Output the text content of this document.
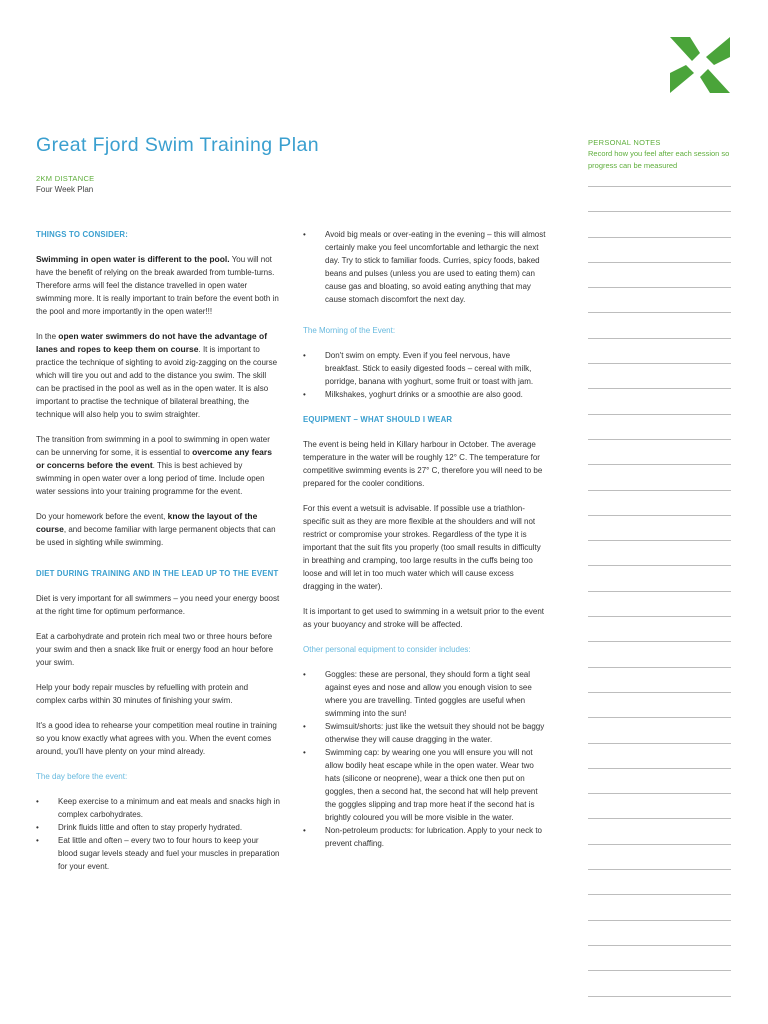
Great Fjord Swim Training Plan
2KM DISTANCE
Four Week Plan
THINGS TO CONSIDER:

Swimming in open water is different to the pool. You will not have the benefit of relying on the break awarded from tumble-turns. Therefore arms will feel the distance travelled in open water swimming more. It is really important to train before the event both in the pool and more importantly in the open water!!!

In the open water swimmers do not have the advantage of lanes and ropes to keep them on course. It is important to practice the technique of sighting to avoid zig-zagging on the course which will tire you out and add to the distance you swim. The skill can be practised in the pool as well as in the open water. It is also important to practise the technique of bilateral breathing, the technique will also help you to swim straighter.

The transition from swimming in a pool to swimming in open water can be unnerving for some, it is essential to overcome any fears or concerns before the event. This is best achieved by swimming in open water over a long period of time. Include open water sessions into your training programme for the event.

Do your homework before the event, know the layout of the course, and become familiar with large permanent objects that can be used in sighting while swimming.

DIET DURING TRAINING AND IN THE LEAD UP TO THE EVENT

Diet is very important for all swimmers – you need your energy boost at the right time for optimum performance.

Eat a carbohydrate and protein rich meal two or three hours before your swim and then a snack like fruit or energy food an hour before your swim.

Help your body repair muscles by refuelling with protein and complex carbs within 30 minutes of finishing your swim.

It's a good idea to rehearse your competition meal routine in training so you know exactly what agrees with you. When the event comes around, you'll have plenty on your mind already.

The day before the event:
• Keep exercise to a minimum and eat meals and snacks high in complex carbohydrates.
• Drink fluids little and often to stay properly hydrated.
• Eat little and often – every two to four hours to keep your blood sugar levels steady and fuel your muscles in preparation for your event.
• Avoid big meals or over-eating in the evening – this will almost certainly make you feel uncomfortable and lethargic the next day. Try to stick to familiar foods. Curries, spicy foods, baked beans and pulses (unless you are used to eating them) can cause gas and bloating, so avoid eating anything that may cause stomach discomfort the next day.
The Morning of the Event:
• Don't swim on empty. Even if you feel nervous, have breakfast. Stick to easily digested foods – cereal with milk, porridge, banana with yoghurt, some fruit or toast with jam.
• Milkshakes, yoghurt drinks or a smoothie are also good.
EQUIPMENT – WHAT SHOULD I WEAR

The event is being held in Killary harbour in October. The average temperature in the water will be roughly 12° C. The temperature for competitive swimming events is 27° C, therefore you will need to be prepared for the cooler conditions.

For this event a wetsuit is advisable. If possible use a triathlon-specific suit as they are more flexible at the shoulders and will not restrict or compromise your strokes. Regardless of the type it is important that the suit fits you properly (too small results in difficulty in breathing and cramping, too large results in the cuffs being too loose and will let in too much water which will cause excess dragging in the water).

It is important to get used to swimming in a wetsuit prior to the event as your buoyancy and stroke will be affected.

Other personal equipment to consider includes:
• Goggles: these are personal, they should form a tight seal against eyes and nose and allow you enough vision to see where you are travelling. Tinted goggles are useful when swimming into the sun!
• Swimsuit/shorts: just like the wetsuit they should not be baggy otherwise they will cause dragging in the water.
• Swimming cap: by wearing one you will ensure you will not allow bodily heat escape while in the open water. Wear two hats (silicone or neoprene), wear a thick one then put on goggles, then a second hat, the second hat will help prevent the goggles slipping and trap more heat if the second hat is brightly coloured you will be more visible in the water.
• Non-petroleum products: for lubrication. Apply to your neck to prevent chaffing.
PERSONAL NOTES
Record how you feel after each session so progress can be measured
